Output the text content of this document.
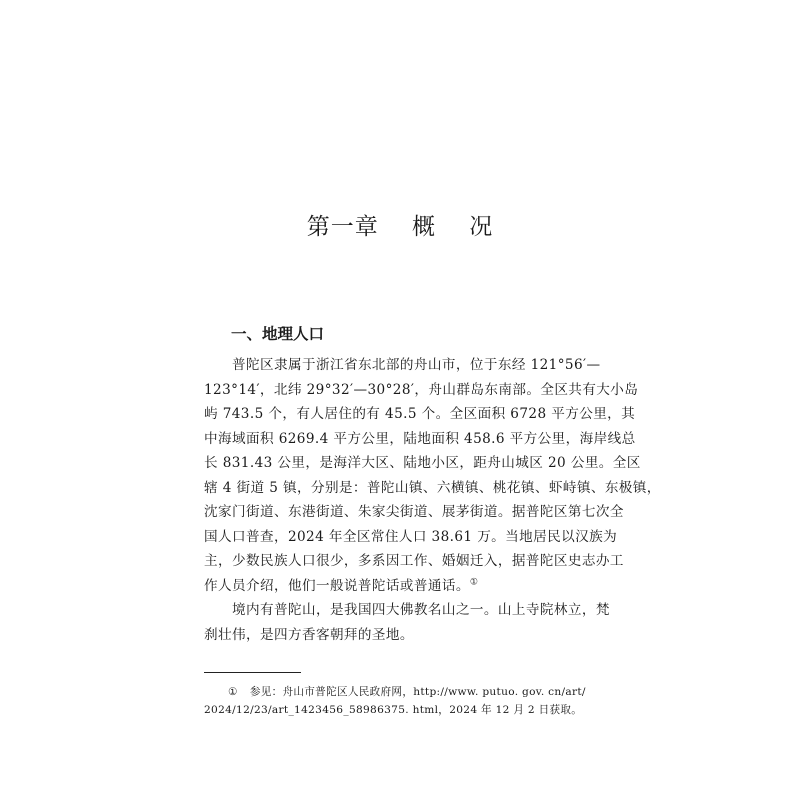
第一章    概    况
一、地理人口
普陀区隶属于浙江省东北部的舟山市，位于东经 121°56′—
123°14′，北纬 29°32′—30°28′，舟山群岛东南部。全区共有大小岛
屿 743.5 个，有人居住的有 45.5 个。全区面积 6728 平方公里，其
中海域面积 6269.4 平方公里，陆地面积 458.6 平方公里，海岸线总
长 831.43 公里，是海洋大区、陆地小区，距舟山城区 20 公里。全区
辖 4 街道 5 镇，分别是：普陀山镇、六横镇、桃花镇、虾峙镇、东极镇，
沈家门街道、东港街道、朱家尖街道、展茅街道。据普陀区第七次全
国人口普查，2024 年全区常住人口 38.61 万。当地居民以汉族为
主，少数民族人口很少，多系因工作、婚姻迁入，据普陀区史志办工
作人员介绍，他们一般说普陀话或普通话。①
境内有普陀山，是我国四大佛教名山之一。山上寺院林立，梵
刹壮伟，是四方香客朝拜的圣地。
① 参见：舟山市普陀区人民政府网，http://www. putuo. gov. cn/art/
2024/12/23/art_1423456_58986375. html，2024 年 12 月 2 日获取。
